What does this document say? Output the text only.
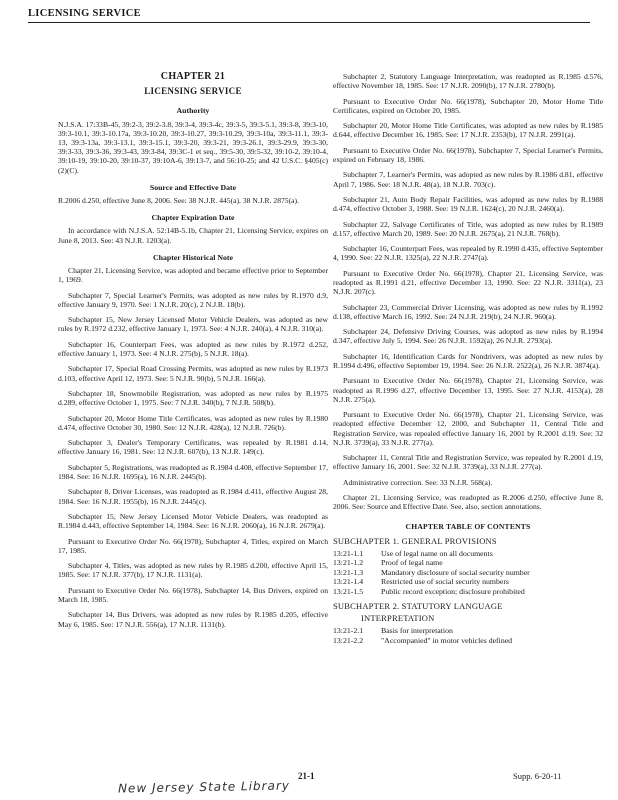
LICENSING SERVICE
CHAPTER 21
LICENSING SERVICE
Authority

N.J.S.A. 17:33B-45, 39:2-3, 39:2-3.8, 39:3-4, 39:3-4c, 39:3-5, 39:3-5.1, 39:3-8, 39:3-10, 39:3-10.1, 39:3-10.17a, 39:3-10.20, 39:3-10.27, 39:3-10.29, 39:3-10a, 39:3-11.1, 39:3-13, 39:3-13a, 39:3-13.1, 39:3-15.1, 39:3-20, 39:3-21, 39:3-26.1, 39:3-29.9, 39:3-30, 39:3-33, 39:3-36, 39:3-43, 39:3-84, 39:3C-1 et seq., 39:5-30, 39:5-32, 39:10-2, 39:10-4, 39:10-19, 39:10-20, 39:10-37, 39:10A-6, 39:13-7, and 56:10-25; and 42 U.S.C. §405(c)(2)(C).

Source and Effective Date

R.2006 d.250, effective June 8, 2006. See: 38 N.J.R. 445(a), 38 N.J.R. 2875(a).

Chapter Expiration Date

In accordance with N.J.S.A. 52:14B-5.1b, Chapter 21, Licensing Service, expires on June 8, 2013. See: 43 N.J.R. 1203(a).

Chapter Historical Note

Chapter 21, Licensing Service, was adopted and became effective prior to September 1, 1969.

Subchapter 7, Special Learner's Permits, was adopted as new rules by R.1970 d.9, effective January 9, 1970. See: 1 N.J.R. 20(c), 2 N.J.R. 18(b).

Subchapter 15, New Jersey Licensed Motor Vehicle Dealers, was adopted as new rules by R.1972 d.232, effective January 1, 1973. See: 4 N.J.R. 240(a), 4 N.J.R. 310(a).

Subchapter 16, Counterpart Fees, was adopted as new rules by R.1972 d.252, effective January 1, 1973. See: 4 N.J.R. 275(b), 5 N.J.R. 18(a).

Subchapter 17, Special Road Crossing Permits, was adopted as new rules by R.1973 d.103, effective April 12, 1973. See: 5 N.J.R. 90(b), 5 N.J.R. 166(a).

Subchapter 18, Snowmobile Registration, was adopted as new rules by R.1975 d.289, effective October 1, 1975. See: 7 N.J.R. 340(b), 7 N.J.R. 508(b).

Subchapter 20, Motor Home Title Certificates, was adopted as new rules by R.1980 d.474, effective October 30, 1980. See: 12 N.J.R. 428(a), 12 N.J.R. 726(b).

Subchapter 3, Dealer's Temporary Certificates, was repealed by R.1981 d.14, effective January 16, 1981. See: 12 N.J.R. 607(b), 13 N.J.R. 149(c).

Subchapter 5, Registrations, was readopted as R.1984 d.408, effective September 17, 1984. See: 16 N.J.R. 1695(a), 16 N.J.R. 2445(b).

Subchapter 8, Driver Licenses, was readopted as R.1984 d.411, effective August 28, 1984. See: 16 N.J.R. 1955(b), 16 N.J.R. 2445(c).

Subchapter 15, New Jersey Licensed Motor Vehicle Dealers, was readopted as R.1984 d.443, effective September 14, 1984. See: 16 N.J.R. 2060(a), 16 N.J.R. 2679(a).

Pursuant to Executive Order No. 66(1978), Subchapter 4, Titles, expired on March 17, 1985.

Subchapter 4, Titles, was adopted as new rules by R.1985 d.200, effective April 15, 1985. See: 17 N.J.R. 377(b), 17 N.J.R. 1131(a).

Pursuant to Executive Order No. 66(1978), Subchapter 14, Bus Drivers, expired on March 18, 1985.

Subchapter 14, Bus Drivers, was adopted as new rules by R.1985 d.205, effective May 6, 1985. See: 17 N.J.R. 556(a), 17 N.J.R. 1131(b).

Subchapter 2, Statutory Language Interpretation, was readopted as R.1985 d.576, effective November 18, 1985. See: 17 N.J.R. 2090(b), 17 N.J.R. 2780(b).

Pursuant to Executive Order No. 66(1978), Subchapter 20, Motor Home Title Certificates, expired on October 20, 1985.

Subchapter 20, Motor Home Title Certificates, was adopted as new rules by R.1985 d.644, effective December 16, 1985. See: 17 N.J.R. 2353(b), 17 N.J.R. 2991(a).

Pursuant to Executive Order No. 66(1978), Subchapter 7, Special Learner's Permits, expired on February 18, 1986.

Subchapter 7, Learner's Permits, was adopted as new rules by R.1986 d.81, effective April 7, 1986. See: 18 N.J.R. 48(a), 18 N.J.R. 703(c).

Subchapter 21, Auto Body Repair Facilities, was adopted as new rules by R.1988 d.474, effective October 3, 1988. See: 19 N.J.R. 1624(c), 20 N.J.R. 2460(a).

Subchapter 22, Salvage Certificates of Title, was adopted as new rules by R.1989 d.157, effective March 20, 1989. See: 20 N.J.R. 2675(a), 21 N.J.R. 768(b).

Subchapter 16, Counterpart Fees, was repealed by R.1990 d.435, effective September 4, 1990. See: 22 N.J.R. 1325(a), 22 N.J.R. 2747(a).

Pursuant to Executive Order No. 66(1978), Chapter 21, Licensing Service, was readopted as R.1991 d.21, effective December 13, 1990. See: 22 N.J.R. 3311(a), 23 N.J.R. 207(c).

Subchapter 23, Commercial Driver Licensing, was adopted as new rules by R.1992 d.138, effective March 16, 1992. See: 24 N.J.R. 219(b), 24 N.J.R. 960(a).

Subchapter 24, Defensive Driving Courses, was adopted as new rules by R.1994 d.347, effective July 5, 1994. See: 26 N.J.R. 1592(a), 26 N.J.R. 2793(a).

Subchapter 16, Identification Cards for Nondrivers, was adopted as new rules by R.1994 d.496, effective September 19, 1994. See: 26 N.J.R. 2522(a), 26 N.J.R. 3874(a).

Pursuant to Executive Order No. 66(1978), Chapter 21, Licensing Service, was readopted as R.1996 d.27, effective December 13, 1995. See: 27 N.J.R. 4153(a), 28 N.J.R. 275(a).

Pursuant to Executive Order No. 66(1978), Chapter 21, Licensing Service, was readopted effective December 12, 2000, and Subchapter 11, Central Title and Registration Service, was repealed effective January 16, 2001 by R.2001 d.19. See: 32 N.J.R. 3739(a), 33 N.J.R. 277(a).

Subchapter 11, Central Title and Registration Service, was repealed by R.2001 d.19, effective January 16, 2001. See: 32 N.J.R. 3739(a), 33 N.J.R. 277(a).

Administrative correction. See: 33 N.J.R. 568(a).

Chapter 21, Licensing Service, was readopted as R.2006 d.250, effective June 8, 2006. See: Source and Effective Date. See, also, section annotations.

CHAPTER TABLE OF CONTENTS
SUBCHAPTER 1. GENERAL PROVISIONS
13:21-1.1	Use of legal name on all documents
13:21-1.2	Proof of legal name
13:21-1.3	Mandatory disclosure of social security number
13:21-1.4	Restricted use of social security numbers
13:21-1.5	Public record exception; disclosure prohibited
SUBCHAPTER 2. STATUTORY LANGUAGE
INTERPRETATION
13:21-2.1	Basis for interpretation
13:21-2.2	"Accompanied" in motor vehicles defined
21-1	Supp. 6-20-11
New Jersey State Library
